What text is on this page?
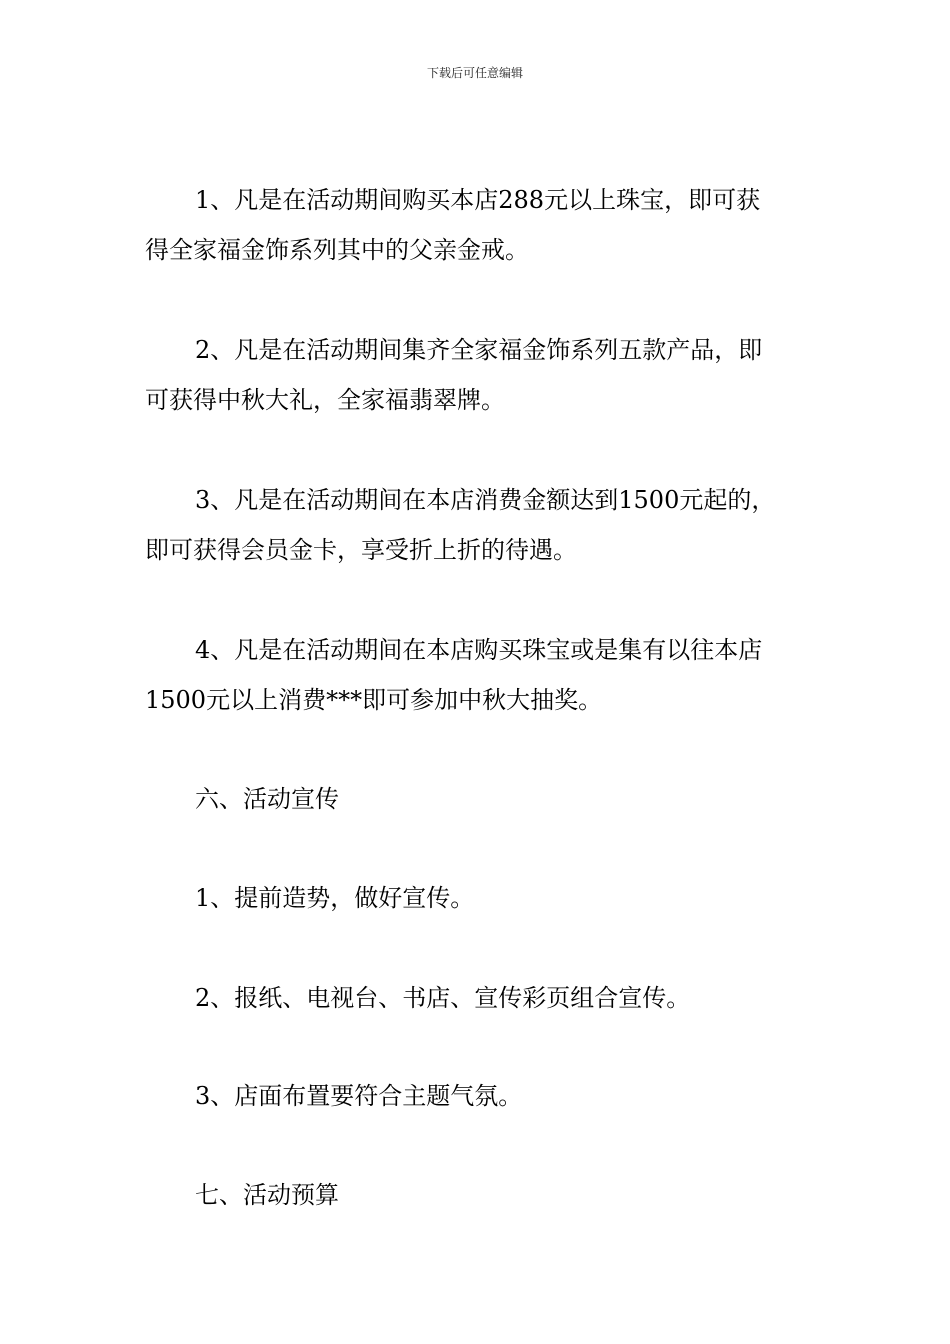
下载后可任意编辑

1、凡是在活动期间购买本店288元以上珠宝，即可获
得全家福金饰系列其中的父亲金戒。

2、凡是在活动期间集齐全家福金饰系列五款产品，即
可获得中秋大礼，全家福翡翠牌。

3、凡是在活动期间在本店消费金额达到1500元起的，
即可获得会员金卡，享受折上折的待遇。

4、凡是在活动期间在本店购买珠宝或是集有以往本店
1500元以上消费***即可参加中秋大抽奖。

六、活动宣传

1、提前造势，做好宣传。

2、报纸、电视台、书店、宣传彩页组合宣传。

3、店面布置要符合主题气氛。

七、活动预算
